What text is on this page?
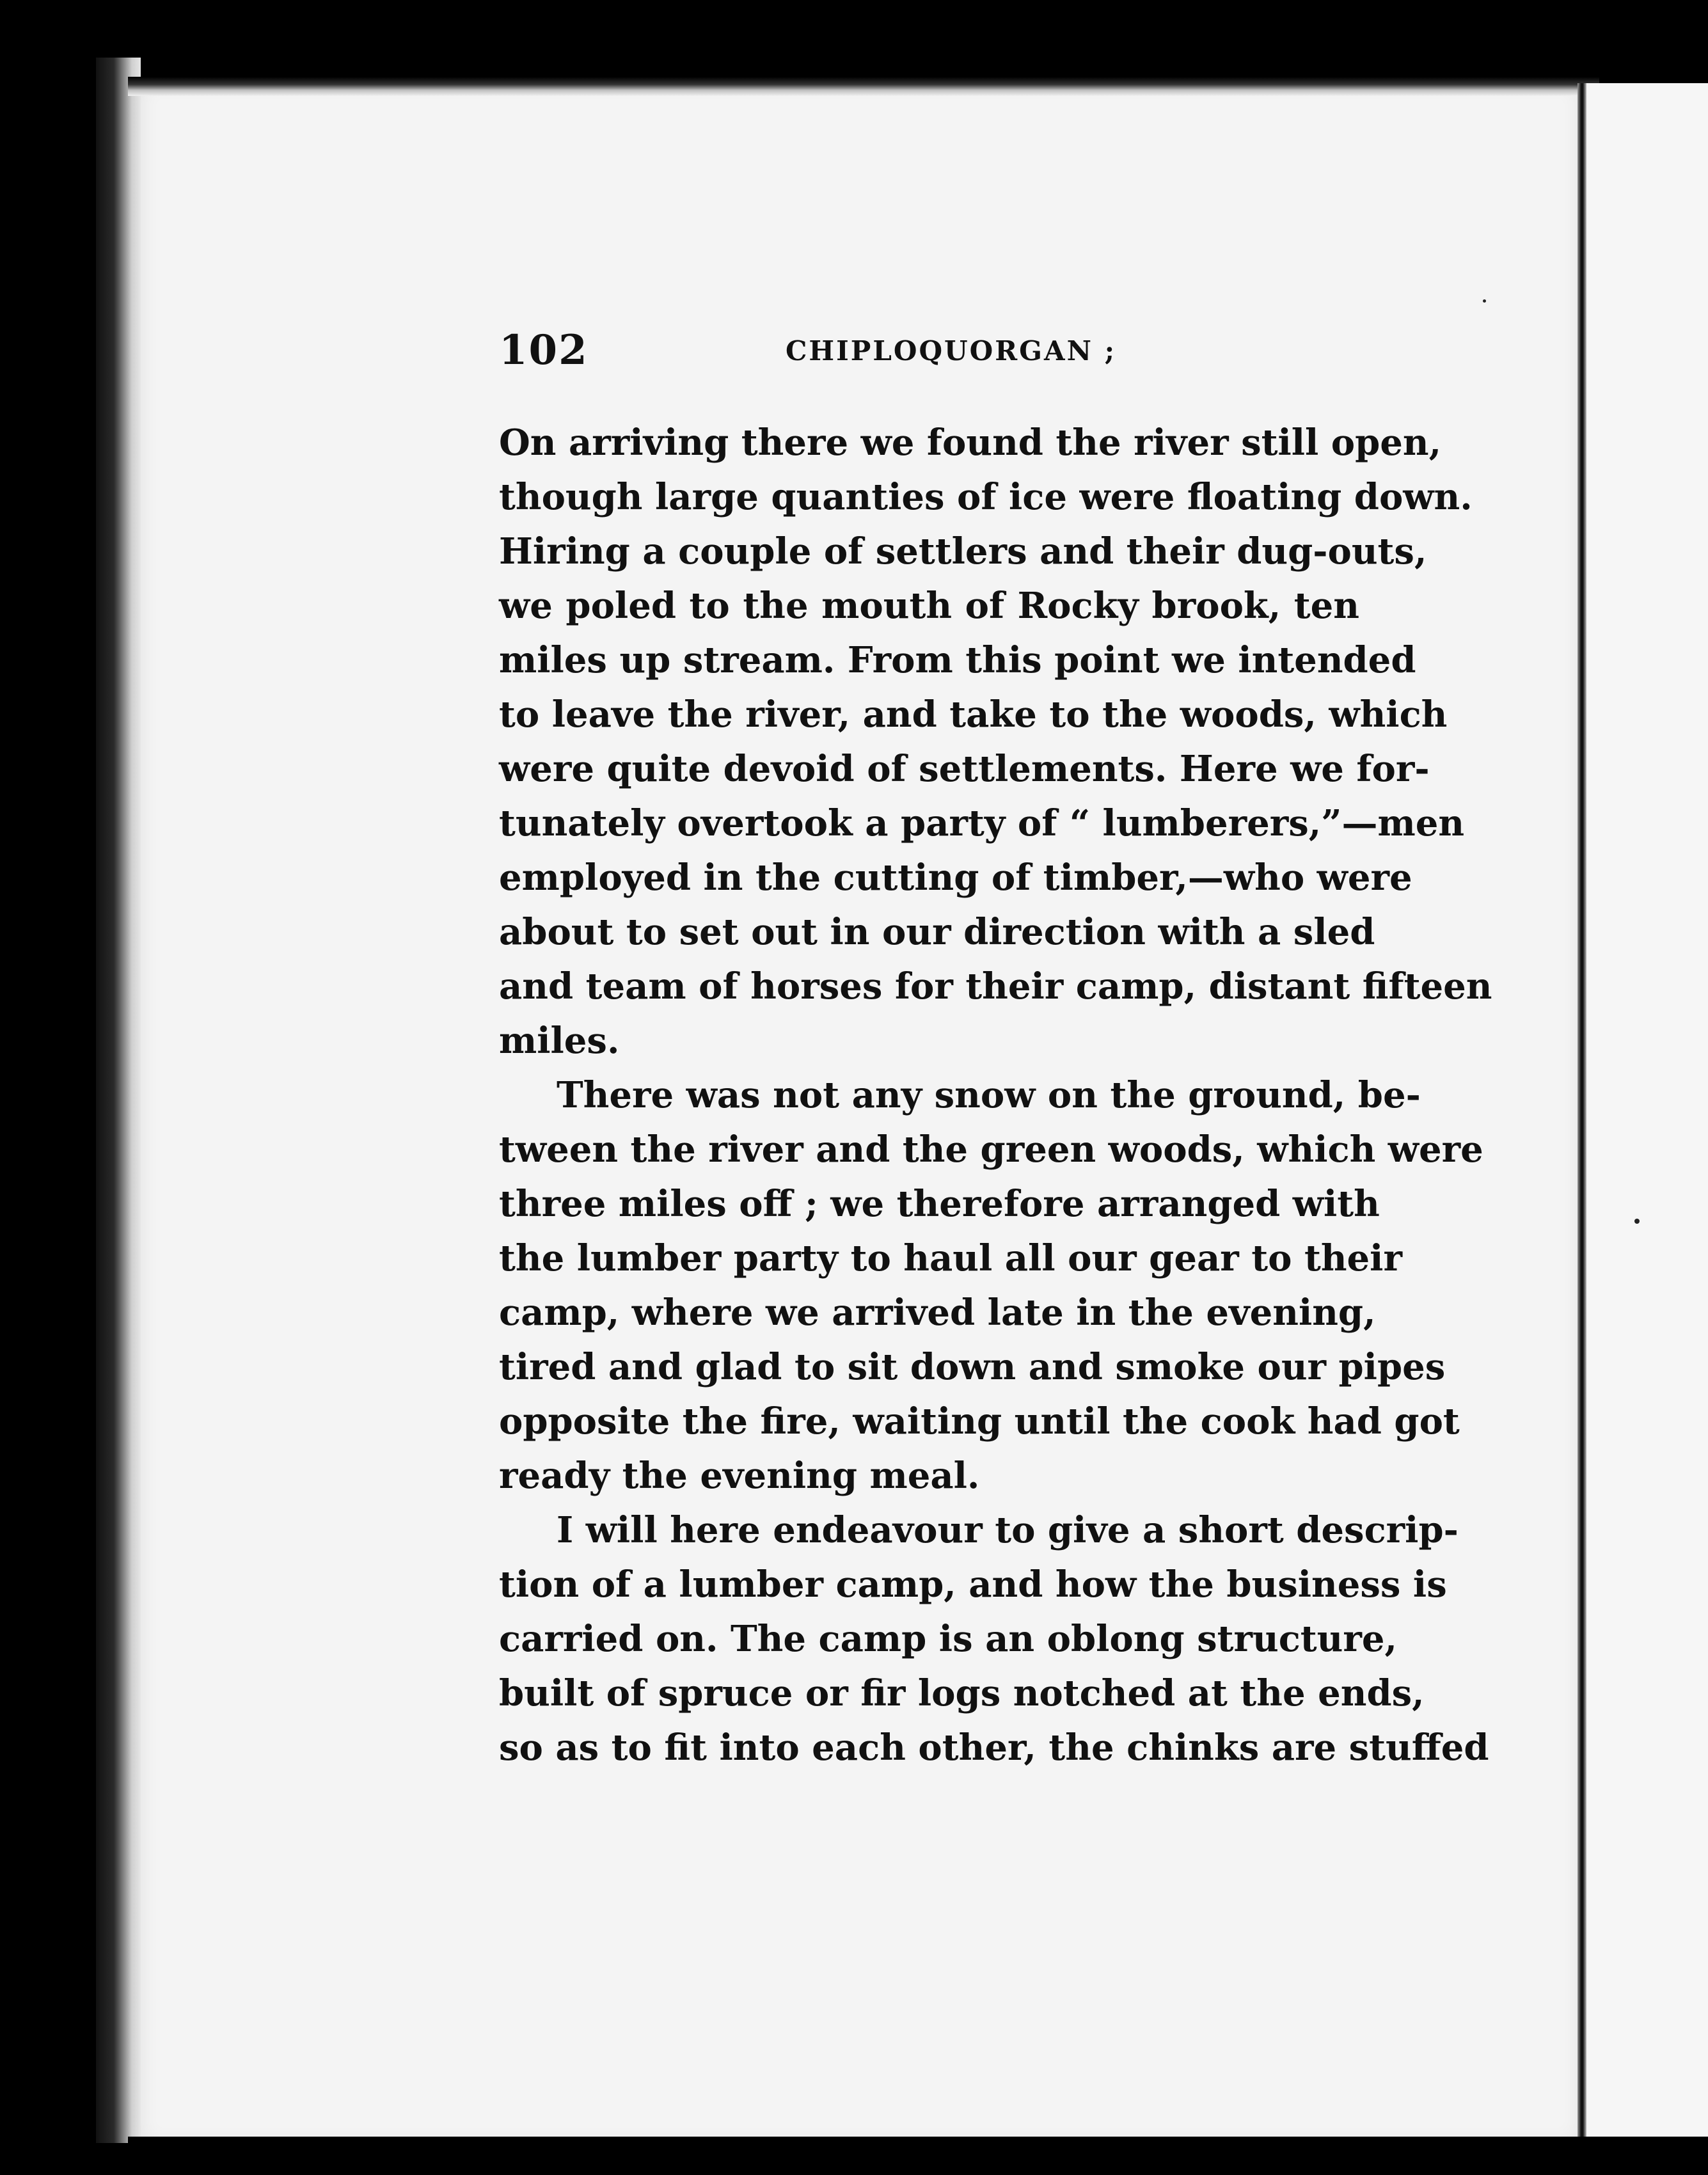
102	CHIPLOQUORGAN ;
On arriving there we found the river still open,
though large quanties of ice were floating down.
Hiring a couple of settlers and their dug-outs,
we poled to the mouth of Rocky brook, ten
miles up stream. From this point we intended
to leave the river, and take to the woods, which
were quite devoid of settlements. Here we for-
tunately overtook a party of “ lumberers,”—men
employed in the cutting of timber,—who were
about to set out in our direction with a sled
and team of horses for their camp, distant fifteen
miles.
There was not any snow on the ground, be-
tween the river and the green woods, which were
three miles off ; we therefore arranged with
the lumber party to haul all our gear to their
camp, where we arrived late in the evening,
tired and glad to sit down and smoke our pipes
opposite the fire, waiting until the cook had got
ready the evening meal.
I will here endeavour to give a short descrip-
tion of a lumber camp, and how the business is
carried on. The camp is an oblong structure,
built of spruce or fir logs notched at the ends,
so as to fit into each other, the chinks are stuffed
